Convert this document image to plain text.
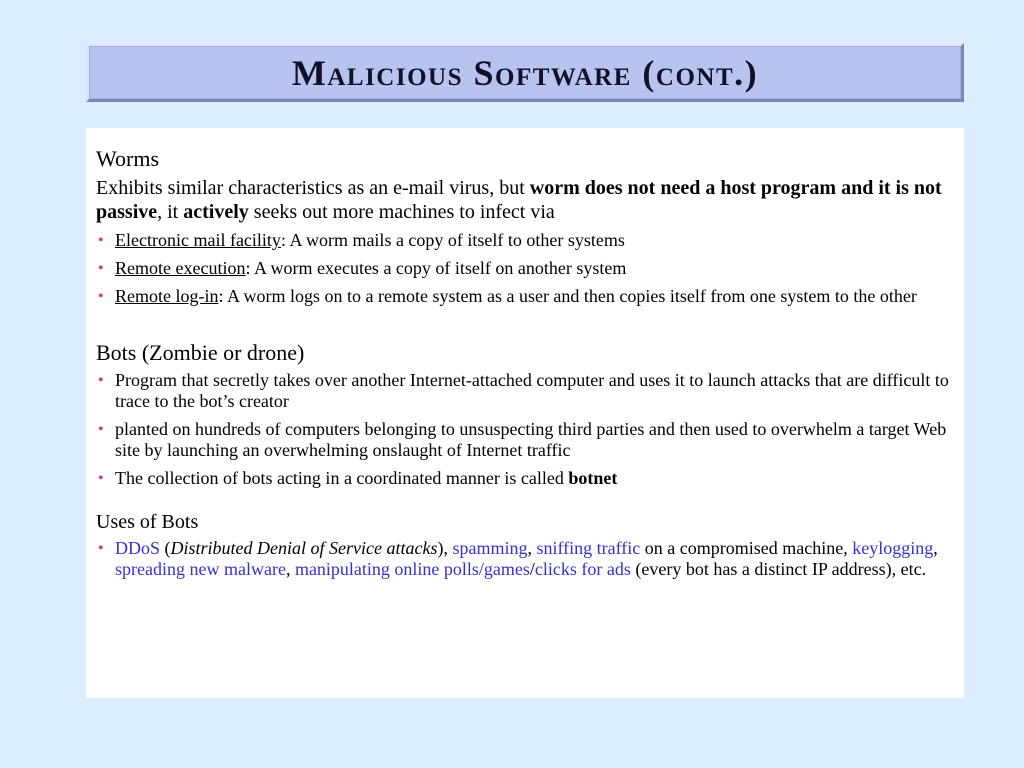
Malicious Software (cont.)
Worms

Exhibits similar characteristics as an e-mail virus, but worm does not need a host program and it is not passive, it actively seeks out more machines to infect via

• Electronic mail facility: A worm mails a copy of itself to other systems
• Remote execution: A worm executes a copy of itself on another system
• Remote log-in: A worm logs on to a remote system as a user and then copies itself from one system to the other
Bots (Zombie or drone)
• Program that secretly takes over another Internet-attached computer and uses it to launch attacks that are difficult to trace to the bot’s creator
• planted on hundreds of computers belonging to unsuspecting third parties and then used to overwhelm a target Web site by launching an overwhelming onslaught of Internet traffic
• The collection of bots acting in a coordinated manner is called botnet
Uses of Bots
• DDoS (Distributed Denial of Service attacks), spamming, sniffing traffic on a compromised machine, keylogging, spreading new malware, manipulating online polls/games/clicks for ads (every bot has a distinct IP address), etc.
